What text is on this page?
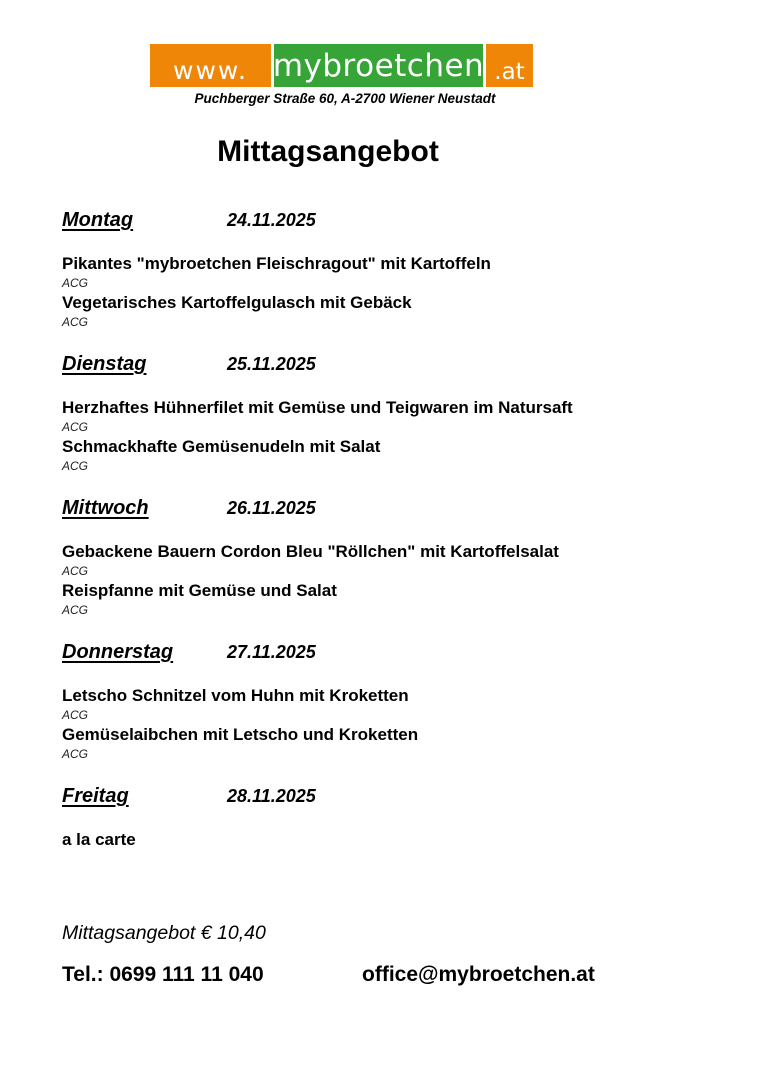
www. mybroetchen .at
Puchberger Straße 60, A-2700 Wiener Neustadt
Mittagsangebot
Montag	24.11.2025
Pikantes "mybroetchen Fleischragout" mit Kartoffeln
ACG
Vegetarisches Kartoffelgulasch mit Gebäck
ACG
Dienstag	25.11.2025
Herzhaftes Hühnerfilet mit Gemüse und Teigwaren im Natursaft
ACG
Schmackhafte Gemüsenudeln mit Salat
ACG
Mittwoch	26.11.2025
Gebackene Bauern Cordon Bleu "Röllchen" mit Kartoffelsalat
ACG
Reispfanne mit Gemüse und Salat
ACG
Donnerstag	27.11.2025
Letscho Schnitzel vom Huhn mit Kroketten
ACG
Gemüselaibchen mit Letscho und Kroketten
ACG
Freitag	28.11.2025
a la carte
Mittagsangebot € 10,40
Tel.: 0699 111 11 040	office@mybroetchen.at
